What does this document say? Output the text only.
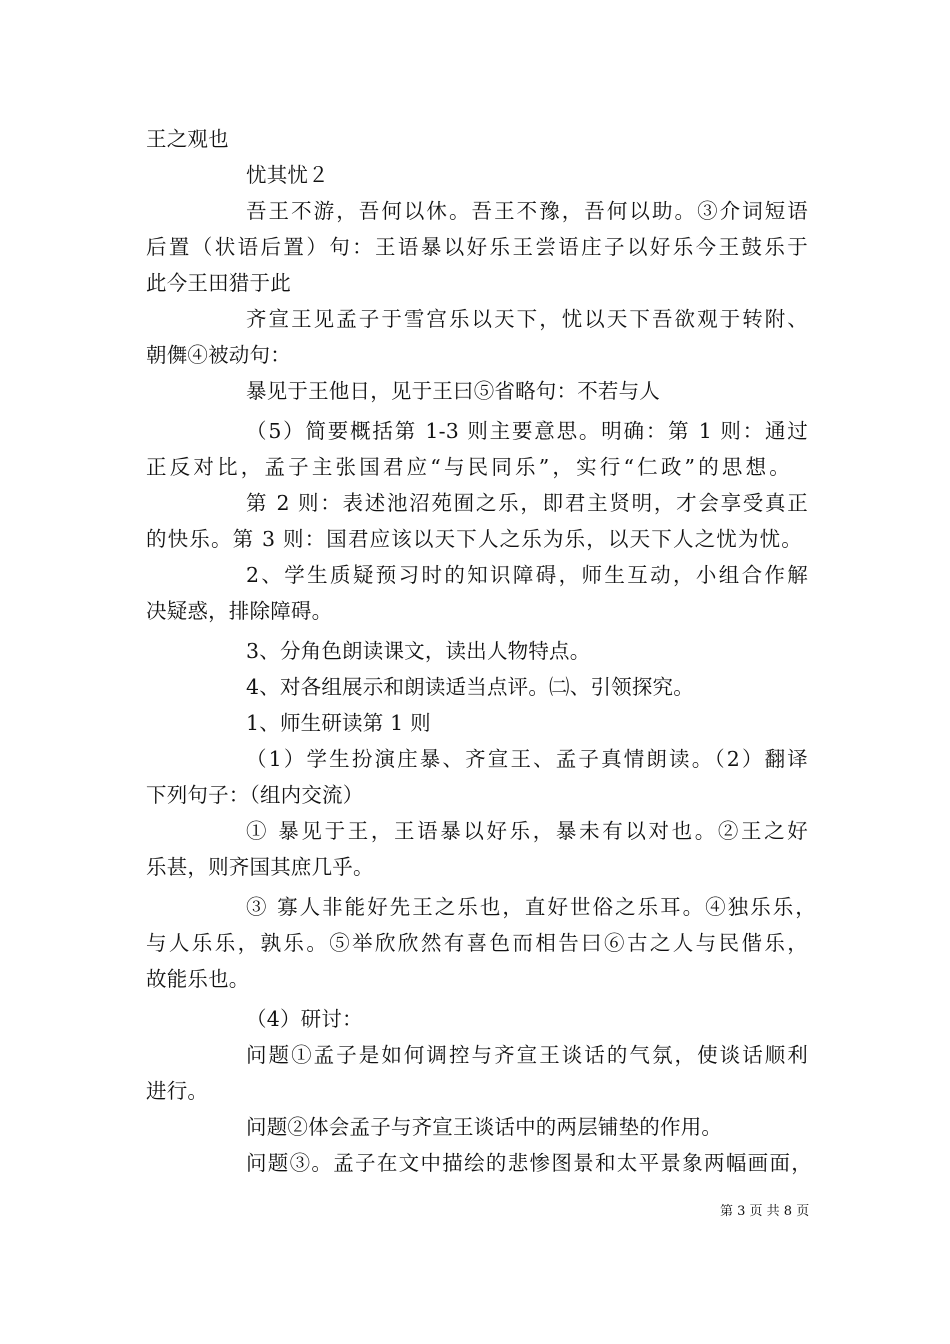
王之观也

忧其忧２

吾王不游，吾何以休。吾王不豫，吾何以助。③介词短语

后置（状语后置）句：王语暴以好乐王尝语庄子以好乐今王鼓乐于

此今王田猎于此

齐宣王见孟子于雪宫乐以天下，忧以天下吾欲观于转附、

朝儛④被动句：

暴见于王他日，见于王曰⑤省略句：不若与人

（5）简要概括第 1-3 则主要意思。明确：第 1 则：通过

正反对比，孟子主张国君应“与民同乐”，实行“仁政”的思想。

第 2 则：表述池沼苑囿之乐，即君主贤明，才会享受真正

的快乐。第 3 则：国君应该以天下人之乐为乐，以天下人之忧为忧。

2、学生质疑预习时的知识障碍，师生互动，小组合作解

决疑惑，排除障碍。

3、分角色朗读课文，读出人物特点。

4、对各组展示和朗读适当点评。㈡、引领探究。

1、师生研读第 1 则

（1）学生扮演庄暴、齐宣王、孟子真情朗读。（2）翻译

下列句子：（组内交流）

① 暴见于王，王语暴以好乐，暴未有以对也。②王之好

乐甚，则齐国其庶几乎。

③ 寡人非能好先王之乐也，直好世俗之乐耳。④独乐乐，

与人乐乐，孰乐。⑤举欣欣然有喜色而相告曰⑥古之人与民偕乐，

故能乐也。

（4）研讨：

问题①孟子是如何调控与齐宣王谈话的气氛，使谈话顺利

进行。

问题②体会孟子与齐宣王谈话中的两层铺垫的作用。

问题③。孟子在文中描绘的悲惨图景和太平景象两幅画面，

第 3 页 共 8 页
